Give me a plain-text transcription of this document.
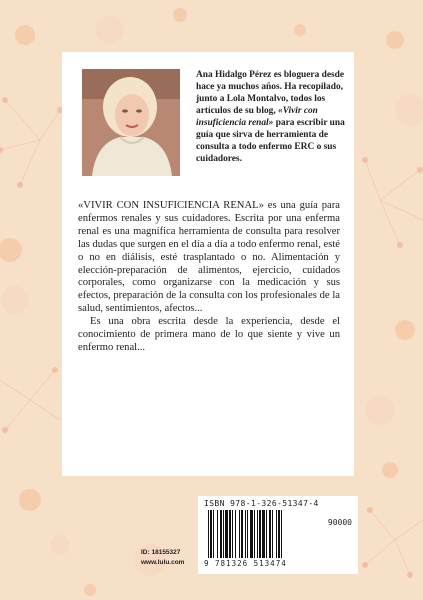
Ana Hidalgo Pérez es bloguera desde hace ya muchos años. Ha recopilado, junto a Lola Montalvo, todos los artículos de su blog, «Vivir con insuficiencia renal» para escribir una guía que sirva de herramienta de consulta a todo enfermo ERC o sus cuidadores.

«VIVIR CON INSUFICIENCIA RENAL» es una guía para enfermos renales y sus cuidadores. Escrita por una enferma renal es una magnífica herramienta de consulta para resolver las dudas que surgen en el día a día a todo enfermo renal, esté o no en diálisis, esté trasplantado o no. Alimentación y elección-preparación de alimentos, ejercicio, cuidados corporales, como organizarse con la medicación y sus efectos, preparación de la consulta con los profesionales de la salud, sentimientos, afectos...

Es una obra escrita desde la experiencia, desde el conocimiento de primera mano de lo que siente y vive un enfermo renal...

ID: 18155327
www.lulu.com
ISBN 978-1-326-51347-4
90000
9 781326 513474
